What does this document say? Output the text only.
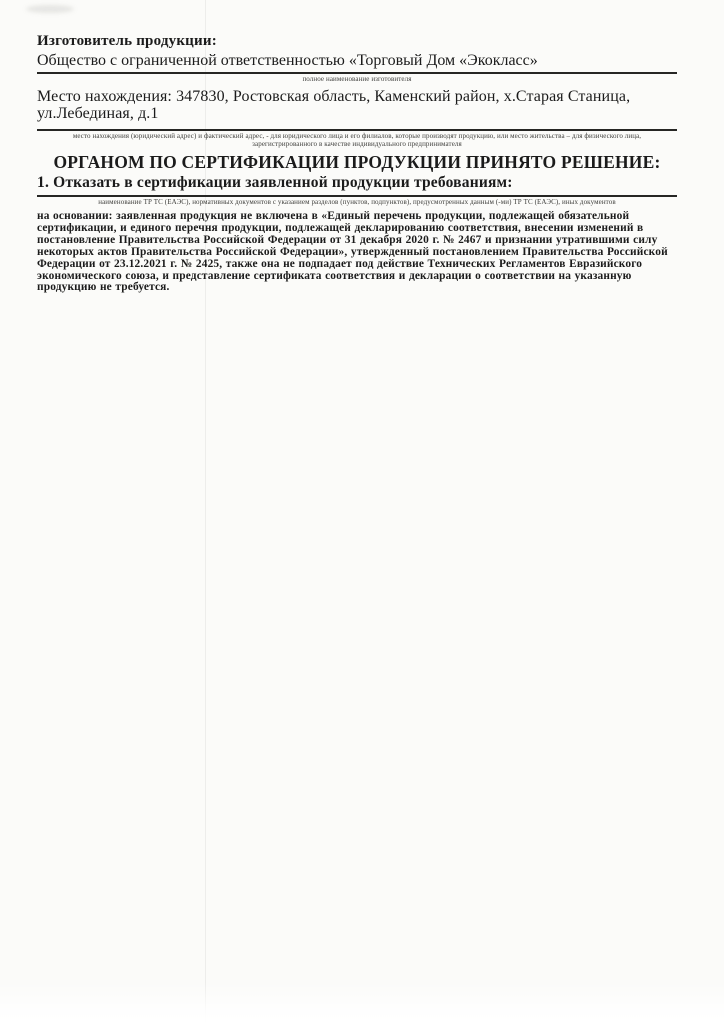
Изготовитель продукции:
Общество с ограниченной ответственностью «Торговый Дом «Экокласс»
полное наименование изготовителя
Место нахождения: 347830, Ростовская область, Каменский район, х.Старая Станица, ул.Лебединая, д.1
место нахождения (юридический адрес) и фактический адрес, - для юридического лица и его филиалов, которые производят продукцию, или место жительства – для физического лица, зарегистрированного в качестве индивидуального предпринимателя
ОРГАНОМ ПО СЕРТИФИКАЦИИ ПРОДУКЦИИ ПРИНЯТО РЕШЕНИЕ:
1. Отказать в сертификации заявленной продукции требованиям:
наименование ТР ТС (ЕАЭС), нормативных документов с указанием разделов (пунктов, подпунктов), предусмотренных данным (-ми) ТР ТС (ЕАЭС), иных документов
на основании: заявленная продукция не включена в «Единый перечень продукции, подлежащей обязательной сертификации, и единого перечня продукции, подлежащей декларированию соответствия, внесении изменений в постановление Правительства Российской Федерации от 31 декабря 2020 г. № 2467 и признании утратившими силу некоторых актов Правительства Российской Федерации», утвержденный постановлением Правительства Российской Федерации от 23.12.2021 г. № 2425, также она не подпадает под действие Технических Регламентов Евразийского экономического союза, и представление сертификата соответствия и декларации о соответствии на указанную продукцию не требуется.
